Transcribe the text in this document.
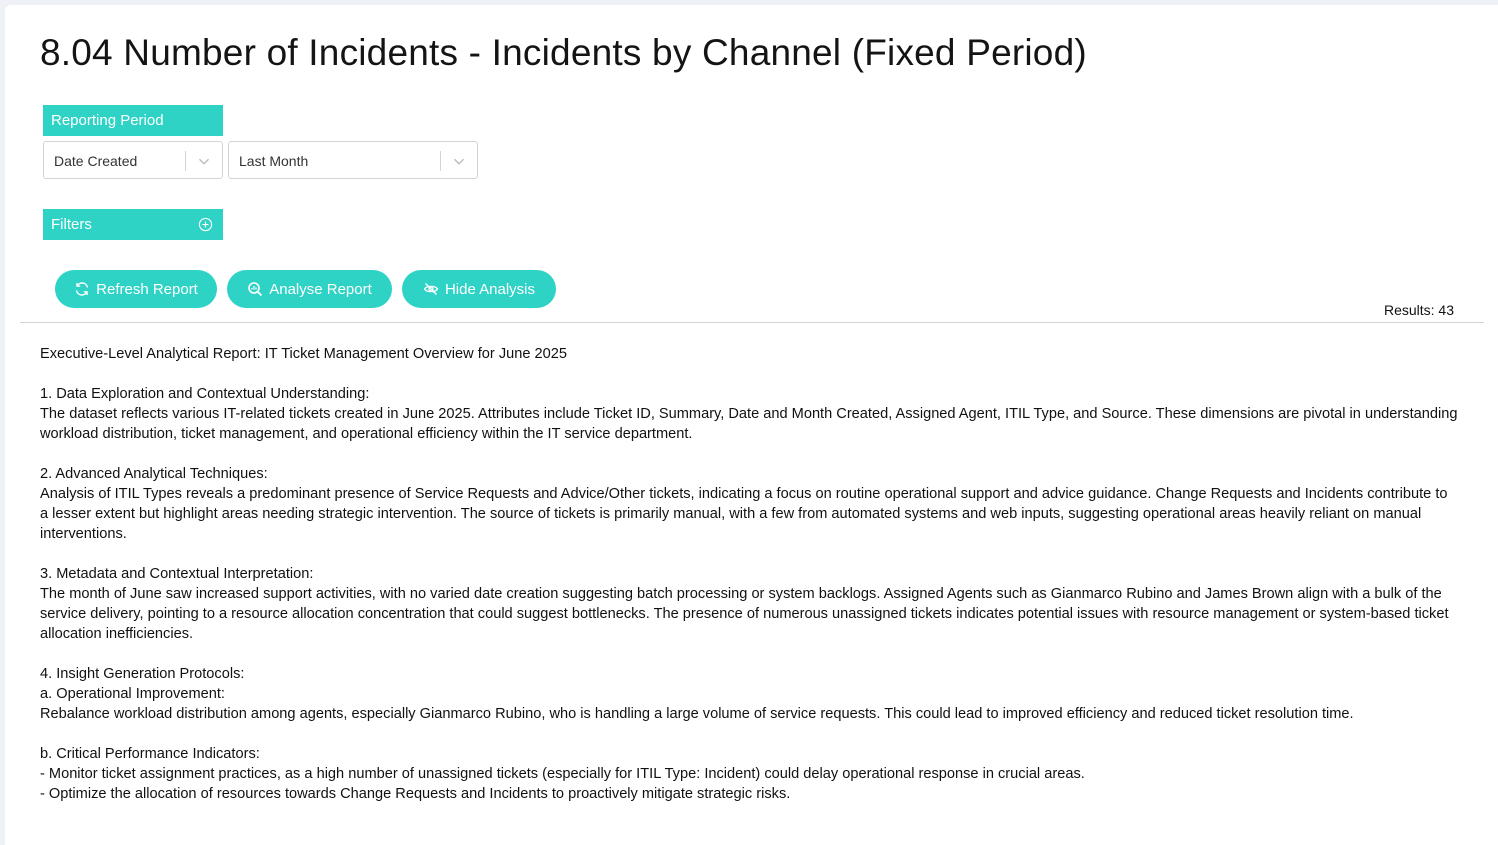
8.04 Number of Incidents - Incidents by Channel (Fixed Period)
Reporting Period
Date Created	Last Month
Filters
Refresh Report	Analyse Report	Hide Analysis
Results: 43

Executive-Level Analytical Report: IT Ticket Management Overview for June 2025

1. Data Exploration and Contextual Understanding:

The dataset reflects various IT-related tickets created in June 2025. Attributes include Ticket ID, Summary, Date and Month Created, Assigned Agent, ITIL Type, and Source. These dimensions are pivotal in understanding workload distribution, ticket management, and operational efficiency within the IT service department.

2. Advanced Analytical Techniques:

Analysis of ITIL Types reveals a predominant presence of Service Requests and Advice/Other tickets, indicating a focus on routine operational support and advice guidance. Change Requests and Incidents contribute to a lesser extent but highlight areas needing strategic intervention. The source of tickets is primarily manual, with a few from automated systems and web inputs, suggesting operational areas heavily reliant on manual interventions.

3. Metadata and Contextual Interpretation:

The month of June saw increased support activities, with no varied date creation suggesting batch processing or system backlogs. Assigned Agents such as Gianmarco Rubino and James Brown align with a bulk of the service delivery, pointing to a resource allocation concentration that could suggest bottlenecks. The presence of numerous unassigned tickets indicates potential issues with resource management or system-based ticket allocation inefficiencies.

4. Insight Generation Protocols:

a. Operational Improvement:

Rebalance workload distribution among agents, especially Gianmarco Rubino, who is handling a large volume of service requests. This could lead to improved efficiency and reduced ticket resolution time.

b. Critical Performance Indicators:

- Monitor ticket assignment practices, as a high number of unassigned tickets (especially for ITIL Type: Incident) could delay operational response in crucial areas.

- Optimize the allocation of resources towards Change Requests and Incidents to proactively mitigate strategic risks.
